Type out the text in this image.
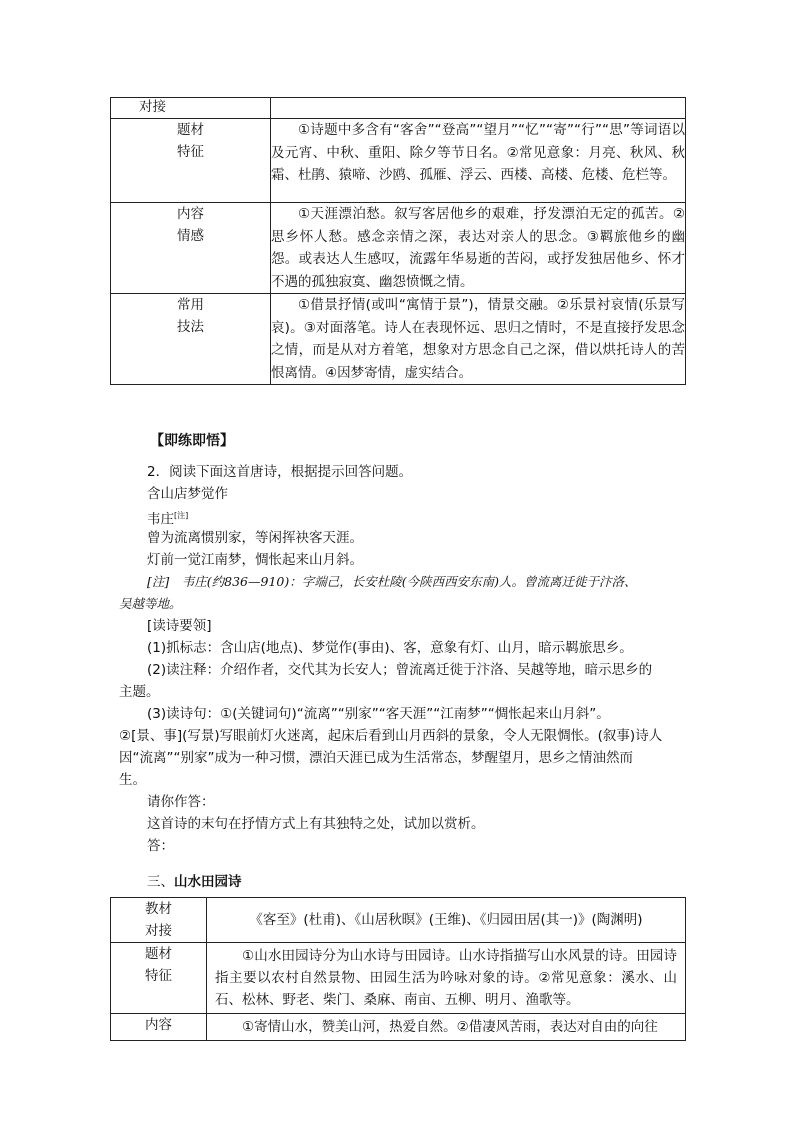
对接	
题材
特征	①诗题中多含有“客舍”“登高”“望月”“忆”“寄”“行”“思”等词语以及元宵、中秋、重阳、除夕等节日名。②常见意象：月亮、秋风、秋霜、杜鹃、猿啼、沙鸥、孤雁、浮云、西楼、高楼、危楼、危栏等。
内容
情感	①天涯漂泊愁。叙写客居他乡的艰难，抒发漂泊无定的孤苦。②思乡怀人愁。感念亲情之深，表达对亲人的思念。③羁旅他乡的幽怨。或表达人生感叹，流露年华易逝的苦闷，或抒发独居他乡、怀才不遇的孤独寂寞、幽怨愤慨之情。
常用
技法	①借景抒情(或叫“寓情于景”)，情景交融。②乐景衬哀情(乐景写哀)。③对面落笔。诗人在表现怀远、思归之情时，不是直接抒发思念之情，而是从对方着笔，想象对方思念自己之深，借以烘托诗人的苦恨离情。④因梦寄情，虚实结合。
【即练即悟】
2．阅读下面这首唐诗，根据提示回答问题。
含山店梦觉作
韦庄[注]
曾为流离惯别家，等闲挥袂客天涯。
灯前一觉江南梦，惆怅起来山月斜。
[注]　韦庄(约836—910)：字端己，长安杜陵(今陕西西安东南)人。曾流离迁徙于汴洛、
吴越等地。
[读诗要领]
(1)抓标志：含山店(地点)、梦觉作(事由)、客，意象有灯、山月，暗示羁旅思乡。
(2)读注释：介绍作者，交代其为长安人；曾流离迁徙于汴洛、吴越等地，暗示思乡的
主题。
(3)读诗句：①(关键词句)“流离”“别家”“客天涯”“江南梦”“惆怅起来山月斜”。
②[景、事](写景)写眼前灯火迷离，起床后看到山月西斜的景象，令人无限惆怅。(叙事)诗人
因“流离”“别家”成为一种习惯，漂泊天涯已成为生活常态，梦醒望月，思乡之情油然而
生。
请你作答：
这首诗的末句在抒情方式上有其独特之处，试加以赏析。
答：
三、山水田园诗
教材
对接	《客至》(杜甫)、《山居秋暝》(王维)、《归园田居(其一)》(陶渊明)
题材
特征	①山水田园诗分为山水诗与田园诗。山水诗指描写山水风景的诗。田园诗指主要以农村自然景物、田园生活为吟咏对象的诗。②常见意象：溪水、山石、松林、野老、柴门、桑麻、南亩、五柳、明月、渔歌等。
内容	①寄情山水，赞美山河，热爱自然。②借凄风苦雨，表达对自由的向往
